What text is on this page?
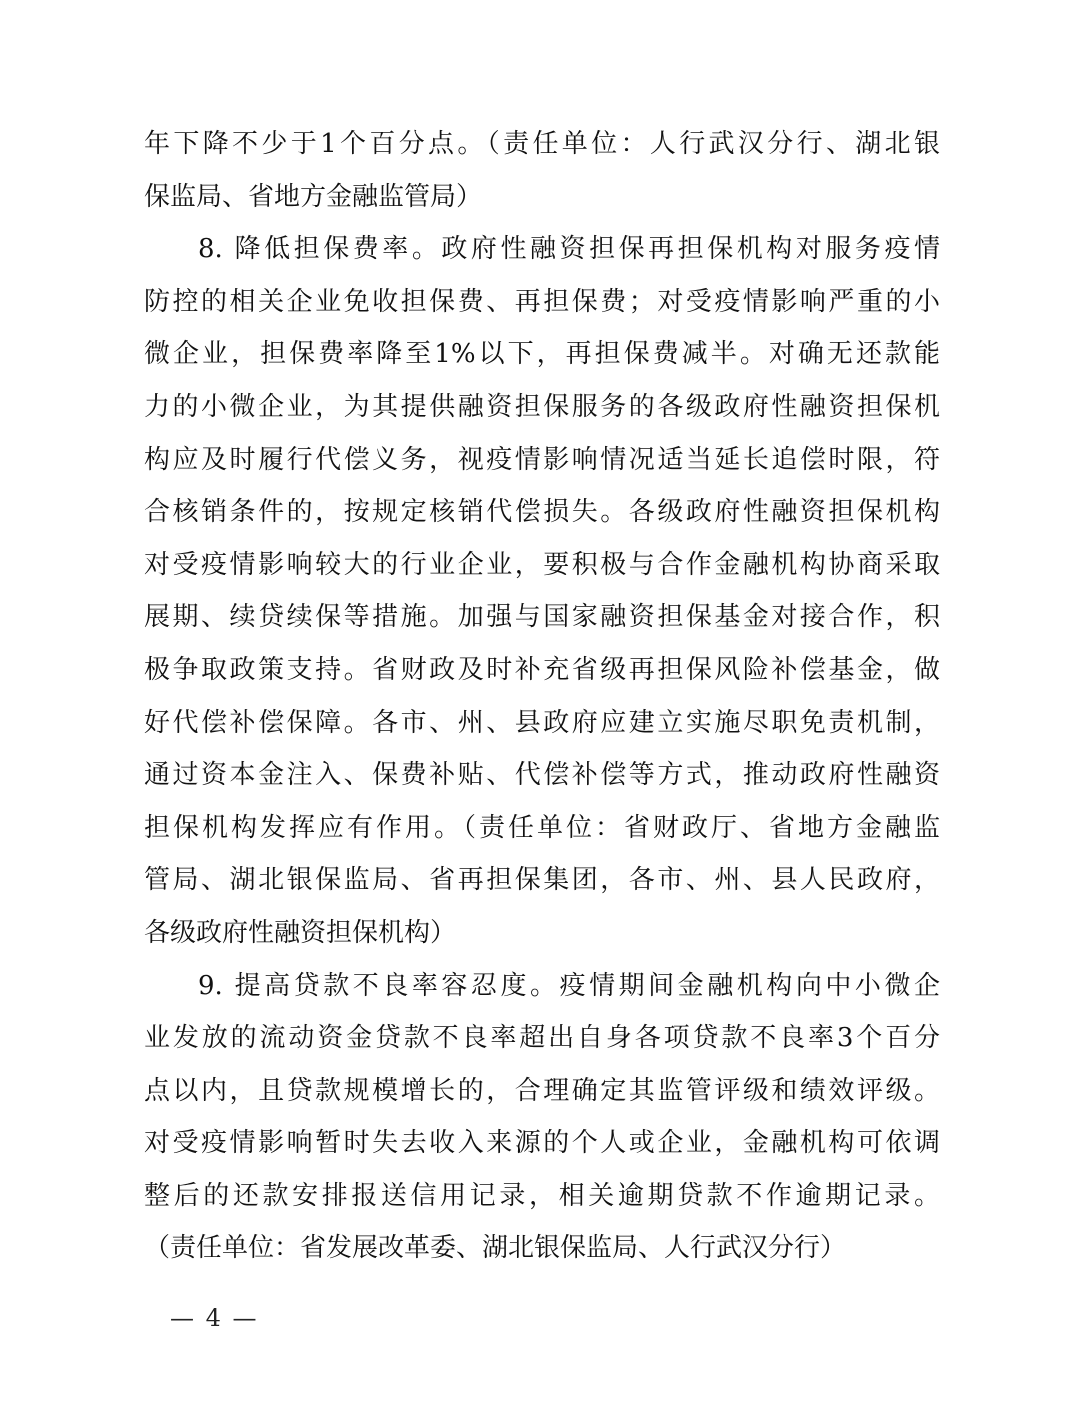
年下降不少于1个百分点。（责任单位：人行武汉分行、湖北银
保监局、省地方金融监管局）
8. 降低担保费率。政府性融资担保再担保机构对服务疫情
防控的相关企业免收担保费、再担保费；对受疫情影响严重的小
微企业，担保费率降至1%以下，再担保费减半。对确无还款能
力的小微企业，为其提供融资担保服务的各级政府性融资担保机
构应及时履行代偿义务，视疫情影响情况适当延长追偿时限，符
合核销条件的，按规定核销代偿损失。各级政府性融资担保机构
对受疫情影响较大的行业企业，要积极与合作金融机构协商采取
展期、续贷续保等措施。加强与国家融资担保基金对接合作，积
极争取政策支持。省财政及时补充省级再担保风险补偿基金，做
好代偿补偿保障。各市、州、县政府应建立实施尽职免责机制，
通过资本金注入、保费补贴、代偿补偿等方式，推动政府性融资
担保机构发挥应有作用。（责任单位：省财政厅、省地方金融监
管局、湖北银保监局、省再担保集团，各市、州、县人民政府，
各级政府性融资担保机构）
9. 提高贷款不良率容忍度。疫情期间金融机构向中小微企
业发放的流动资金贷款不良率超出自身各项贷款不良率3个百分
点以内，且贷款规模增长的，合理确定其监管评级和绩效评级。
对受疫情影响暂时失去收入来源的个人或企业，金融机构可依调
整后的还款安排报送信用记录，相关逾期贷款不作逾期记录。
（责任单位：省发展改革委、湖北银保监局、人行武汉分行）
— 4 —
